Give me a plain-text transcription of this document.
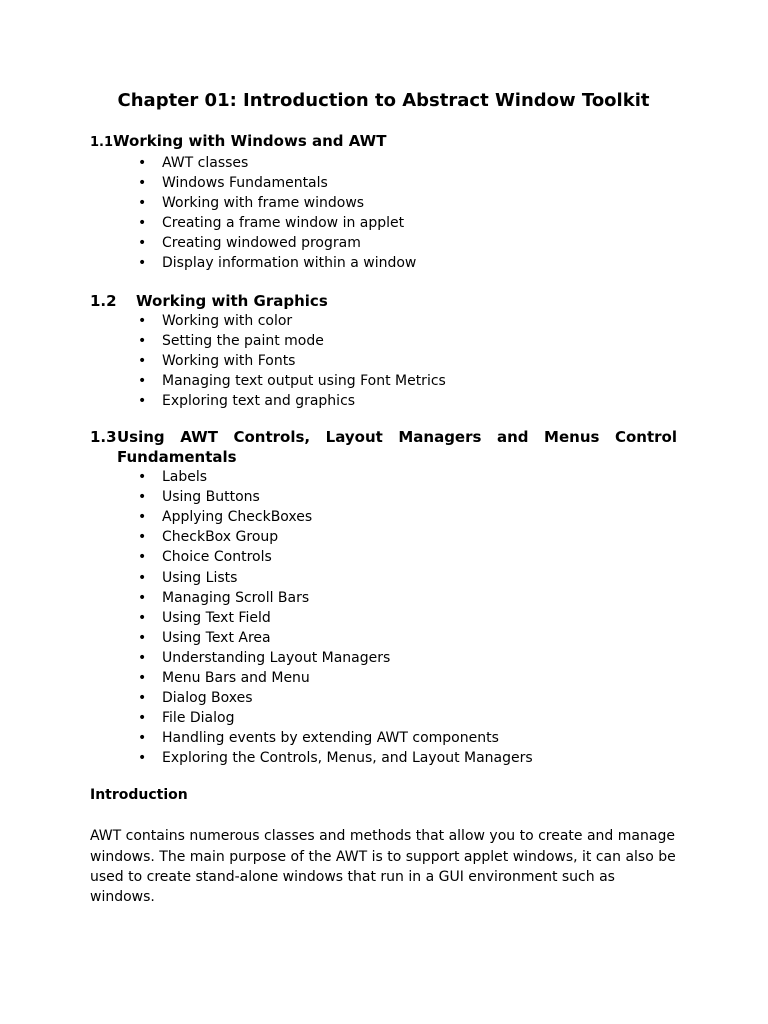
Chapter 01: Introduction to Abstract Window Toolkit
1.1Working with Windows and AWT
• AWT classes
• Windows Fundamentals
• Working with frame windows
• Creating a frame window in applet
• Creating windowed program
• Display information within a window
1.2 Working with Graphics
• Working with color
• Setting the paint mode
• Working with Fonts
• Managing text output using Font Metrics
• Exploring text and graphics
1.3Using AWT Controls, Layout Managers and Menus Control Fundamentals
• Labels
• Using Buttons
• Applying CheckBoxes
• CheckBox Group
• Choice Controls
• Using Lists
• Managing Scroll Bars
• Using Text Field
• Using Text Area
• Understanding Layout Managers
• Menu Bars and Menu
• Dialog Boxes
• File Dialog
• Handling events by extending AWT components
• Exploring the Controls, Menus, and Layout Managers
Introduction

AWT contains numerous classes and methods that allow you to create and manage windows. The main purpose of the AWT is to support applet windows, it can also be used to create stand-alone windows that run in a GUI environment such as windows.
